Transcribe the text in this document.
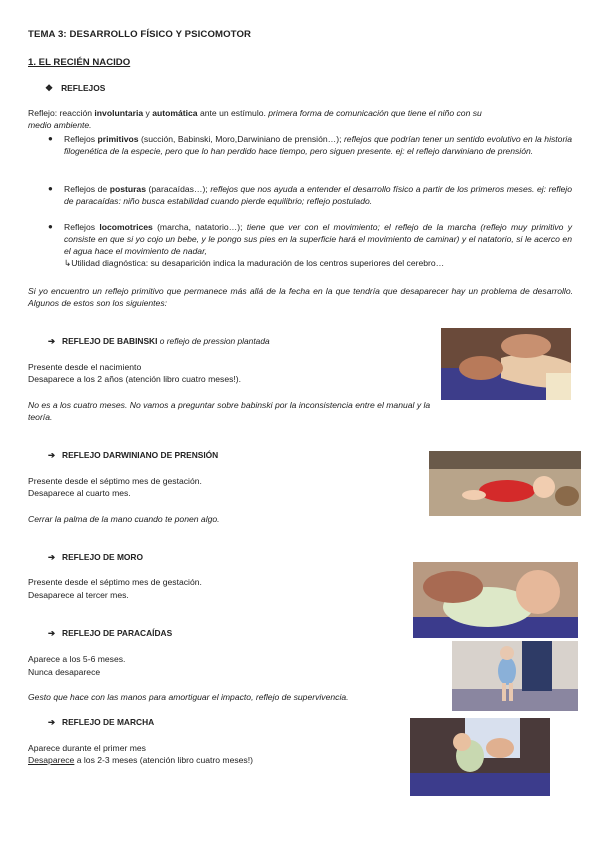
TEMA 3: DESARROLLO FÍSICO Y PSICOMOTOR
1. EL RECIÉN NACIDO
❖ REFLEJOS
Reflejo: reacción involuntaria y automática ante un estímulo. primera forma de comunicación que tiene el niño con su
medio ambiente.
● Reflejos primitivos (succión, Babinski, Moro,Darwiniano de prensión…); reflejos que podrían tener un sentido evolutivo en la historia filogenética de la especie, pero que lo han perdido hace tiempo, pero siguen presente. ej: el reflejo darwiniano de prensión.
● Reflejos de posturas (paracaídas…); reflejos que nos ayuda a entender el desarrollo físico a partir de los primeros meses. ej: reflejo de paracaídas: niño busca estabilidad cuando pierde equilibrio; reflejo postulado.
● Reflejos locomotrices (marcha, natatorio…); tiene que ver con el movimiento; el reflejo de la marcha (reflejo muy primitivo y consiste en que si yo cojo un bebe, y le pongo sus pies en la superficie hará el movimiento de caminar) y el natatorio, si le acerco en el agua hace el movimiento de nadar,
↳Utilidad diagnóstica: su desaparición indica la maduración de los centros superiores del cerebro…
Si yo encuentro un reflejo primitivo que permanece más allá de la fecha en la que tendría que desaparecer hay un problema de desarrollo. Algunos de estos son los siguientes:
➔ REFLEJO DE BABINSKI o reflejo de pression plantada
Presente desde el nacimiento
Desaparece a los 2 años (atención libro cuatro meses!).
No es a los cuatro meses. No vamos a preguntar sobre babinski por la inconsistencia entre el manual y la teoría.
➔ REFLEJO DARWINIANO DE PRENSIÓN
Presente desde el séptimo mes de gestación.
Desaparece al cuarto mes.
Cerrar la palma de la mano cuando te ponen algo.
➔ REFLEJO DE MORO
Presente desde el séptimo mes de gestación.
Desaparece al tercer mes.
➔ REFLEJO DE PARACAÍDAS
Aparece a los 5-6 meses.
Nunca desaparece
Gesto que hace con las manos para amortiguar el impacto, reflejo de supervivencia.
➔ REFLEJO DE MARCHA
Aparece durante el primer mes
Desaparece a los 2-3 meses (atención libro cuatro meses!)
